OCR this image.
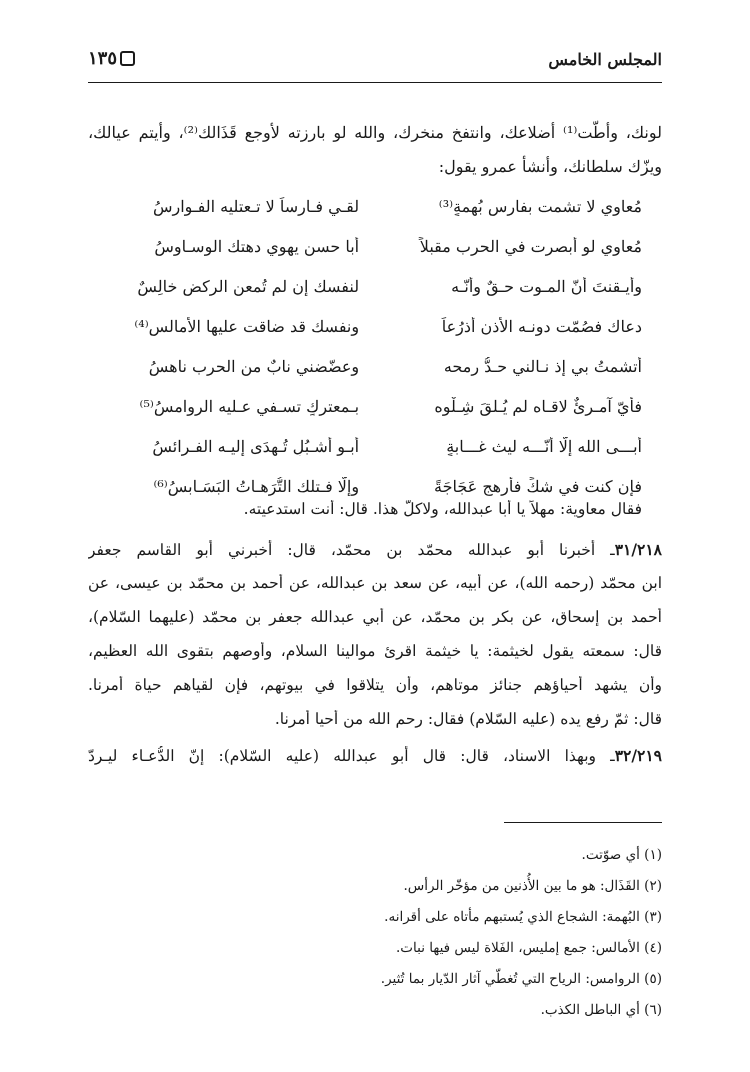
المجلس الخامس
١٣٥
لونك، وأطّت⁽¹⁾ أضلاعك، وانتفخ منخرك، والله لو بارزته لأوجع قَذَالك⁽²⁾، وأيتم عيالك، ويزّك سلطانك، وأنشأ عمرو يقول:
مُعاوي لا تشمت بفارس بُهمةٍ⁽³⁾
لقـي فـارساً لا تـعتليه الفـوارسُ
مُعاوي لو أبصرت في الحرب مقبلاً
أبا حسن يهوي دهتك الوسـاوسُ
وأيـقنتَ أنّ المـوت حـقٌ وأنّـه
لنفسك إن لم تُمعن الركض خالِسٌ
دعاك فصُمّت دونـه الأُذن أذرُعاً
ونفسك قد ضاقت عليها الأمالس⁽⁴⁾
أتشمتُ بي إذ نـالني حـدُّ رمحه
وعضّضني نابٌ من الحرب ناهسُ
فأيّ آمـرئٌ لاقـاه لم يُـلقَ شِـلْوه
بـمعتركٍ تسـفي عـليه الروامسُ⁽⁵⁾
أبـــى الله إلّا أنّـــه ليث غـــابةٍ
أبـو أشـبُلٍ تُـهدَى إليـه الفـرائسُ
فإن كنت في شكٍّ فأرهج عَجَاجَةً
وإلّا فـتلك التُّرَهـاتُ البَسَـابسُ⁽⁶⁾
فقال معاوية: مهلاً يا أبا عبدالله، ولاكلّ هذا. قال: أنت استدعيته.
٣١/٢١٨ـ أخبرنا أبو عبدالله محمّد بن محمّد، قال: أخبرني أبو القاسم جعفر
ابن محمّد (رحمه الله)، عن أبيه، عن سعد بن عبدالله، عن أحمد بن محمّد بن عيسى، عن
أحمد بن إسحاق، عن بكر بن محمّد، عن أبي عبدالله جعفر بن محمّد (عليهما السّلام)،
قال: سمعته يقول لخيثمة: يا خيثمة اقرئ موالينا السلام، وأوصهم بتقوى الله العظيم،
وأن يشهد أحياؤهم جنائز موتاهم، وأن يتلاقوا في بيوتهم، فإن لقياهم حياة أمرنا.
قال: ثمّ رفع يده (عليه السّلام) فقال: رحم الله من أحيا أمرنا.
٣٢/٢١٩ـ وبهذا الاسناد، قال: قال أبو عبدالله (عليه السّلام): إنّ الدُّعـاء ليـردّ
(١) أي صوّتت.
(٢) القَذَال: هو ما بين الأُذنين من مؤخّر الرأس.
(٣) البُهمة: الشجاع الذي يُستبهم مأتاه على أقرانه.
(٤) الأمالس: جمع إمليس، الفَلاة ليس فيها نبات.
(٥) الروامس: الرياح التي تُغطّي آثار الدّيار بما تُثير.
(٦) أي الباطل الكذب.
